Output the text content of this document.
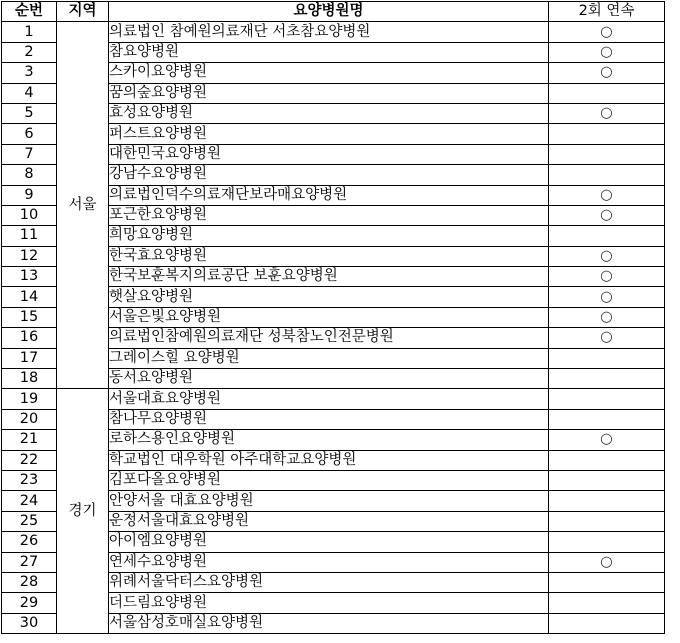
순번	지역	요양병원명	2회 연속
1	서울	의료법인 참예원의료재단 서초참요양병원	○
2		참요양병원	○
3		스카이요양병원	○
4		꿈의숲요양병원	
5		효성요양병원	○
6		퍼스트요양병원	
7		대한민국요양병원	
8		강남수요양병원	
9		의료법인덕수의료재단보라매요양병원	○
10		포근한요양병원	○
11		희망요양병원	
12		한국효요양병원	○
13		한국보훈복지의료공단 보훈요양병원	○
14		햇살요양병원	○
15		서울은빛요양병원	○
16		의료법인참예원의료재단 성북참노인전문병원	○
17		그레이스힐 요양병원	
18		동서요양병원	
19	경기	서울대효요양병원	
20		참나무요양병원	
21		로하스용인요양병원	○
22		학교법인 대우학원 아주대학교요양병원	
23		김포다올요양병원	
24		안양서울 대효요양병원	
25		운정서울대효요양병원	
26		아이엠요양병원	
27		연세수요양병원	○
28		위례서울닥터스요양병원	
29		더드림요양병원	
30		서울삼성호매실요양병원	
